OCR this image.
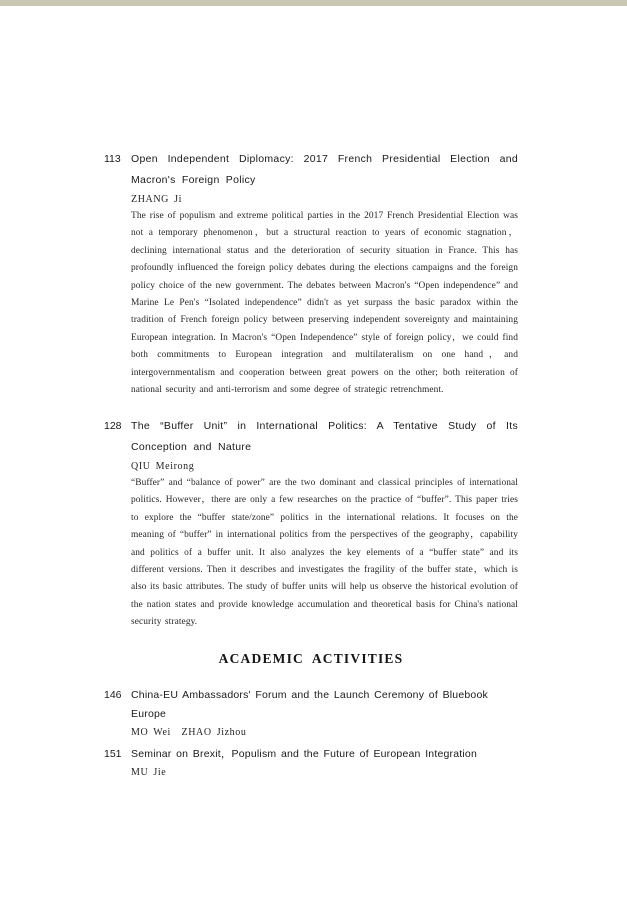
113 Open Independent Diplomacy: 2017 French Presidential Election and Macron's Foreign Policy
ZHANG Ji

The rise of populism and extreme political parties in the 2017 French Presidential Election was not a temporary phenomenon，but a structural reaction to years of economic stagnation，declining international status and the deterioration of security situation in France. This has profoundly influenced the foreign policy debates during the elections campaigns and the foreign policy choice of the new government. The debates between Macron's “Open independence” and Marine Le Pen's “Isolated independence” didn't as yet surpass the basic paradox within the tradition of French foreign policy between preserving independent sovereignty and maintaining European integration. In Macron's “Open Independence” style of foreign policy，we could find both commitments to European integration and multilateralism on one hand，and intergovernmentalism and cooperation between great powers on the other; both reiteration of national security and anti-terrorism and some degree of strategic retrenchment.

128 The “Buffer Unit” in International Politics: A Tentative Study of Its Conception and Nature
QIU Meirong

“Buffer” and “balance of power” are the two dominant and classical principles of international politics. However，there are only a few researches on the practice of “buffer”. This paper tries to explore the “buffer state/zone” politics in the international relations. It focuses on the meaning of “buffer” in international politics from the perspectives of the geography，capability and politics of a buffer unit. It also analyzes the key elements of a “buffer state” and its different versions. Then it describes and investigates the fragility of the buffer state，which is also its basic attributes. The study of buffer units will help us observe the historical evolution of the nation states and provide knowledge accumulation and theoretical basis for China's national security strategy.

ACADEMIC ACTIVITIES
146 China-EU Ambassadors' Forum and the Launch Ceremony of Bluebook Europe
MO Wei　ZHAO Jizhou
151 Seminar on Brexit，Populism and the Future of European Integration
MU Jie
